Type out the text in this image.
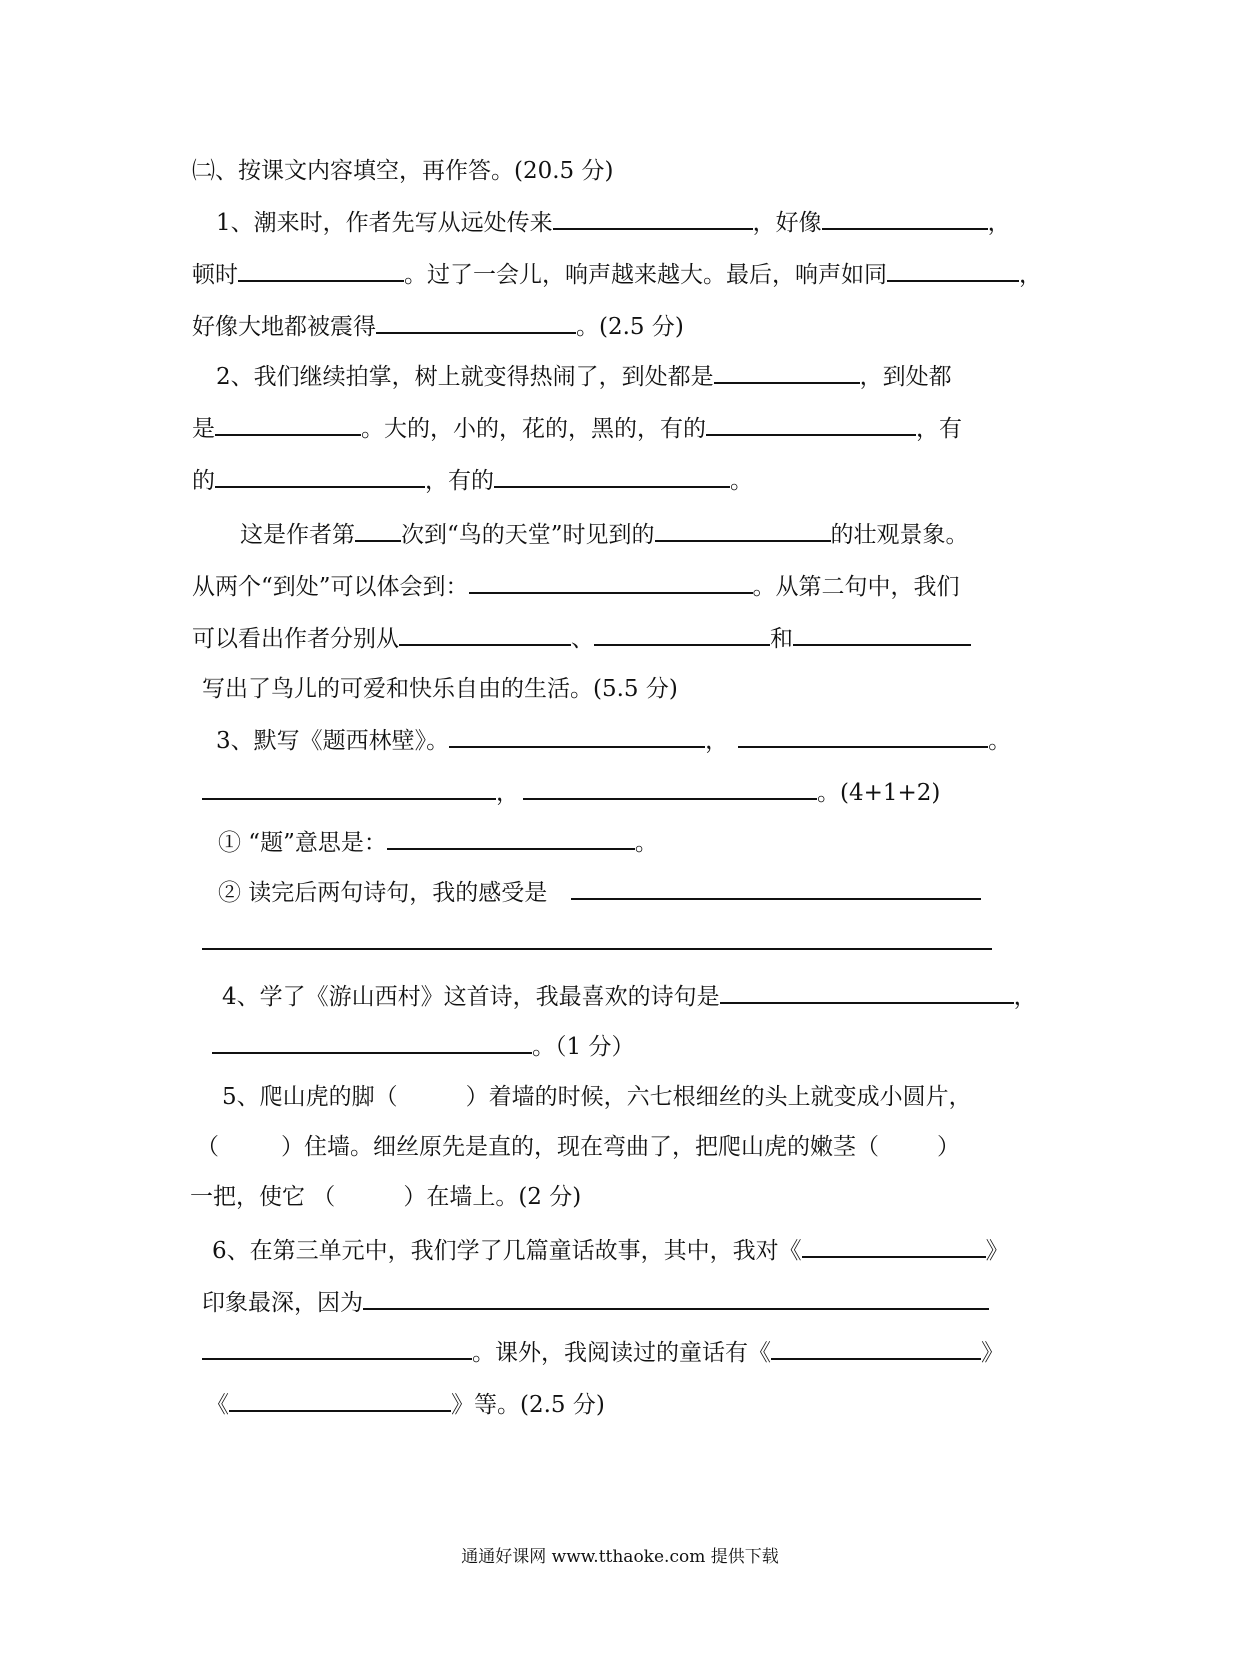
㈡、按课文内容填空，再作答。(20.5 分)
1、潮来时，作者先写从远处传来	，好像	，
顿时	。过了一会儿，响声越来越大。最后，响声如同	，
好像大地都被震得	。(2.5 分)
2、我们继续拍掌，树上就变得热闹了，到处都是	，到处都
是	。大的，小的，花的，黑的，有的	，有
的	，有的	。
这是作者第 次到“鸟的天堂”时见到的	的壮观景象。
从两个“到处”可以体会到：	。从第二句中，我们
可以看出作者分别从	、	和
写出了鸟儿的可爱和快乐自由的生活。(5.5 分)
3、默写《题西林壁》。	，	。
，	。(4+1+2)
① “题”意思是：	。
② 读完后两句诗句，我的感受是
4、学了《游山西村》这首诗，我最喜欢的诗句是	，
。（1 分）
5、爬山虎的脚（	）着墙的时候，六七根细丝的头上就变成小圆片，
（	）住墙。细丝原先是直的，现在弯曲了，把爬山虎的嫩茎（	）
一把，使它 （	）在墙上。(2 分)
6、在第三单元中，我们学了几篇童话故事，其中，我对《	》
印象最深，因为
。课外，我阅读过的童话有《	》
《	》等。(2.5 分)
通通好课网 www.tthaoke.com 提供下载
